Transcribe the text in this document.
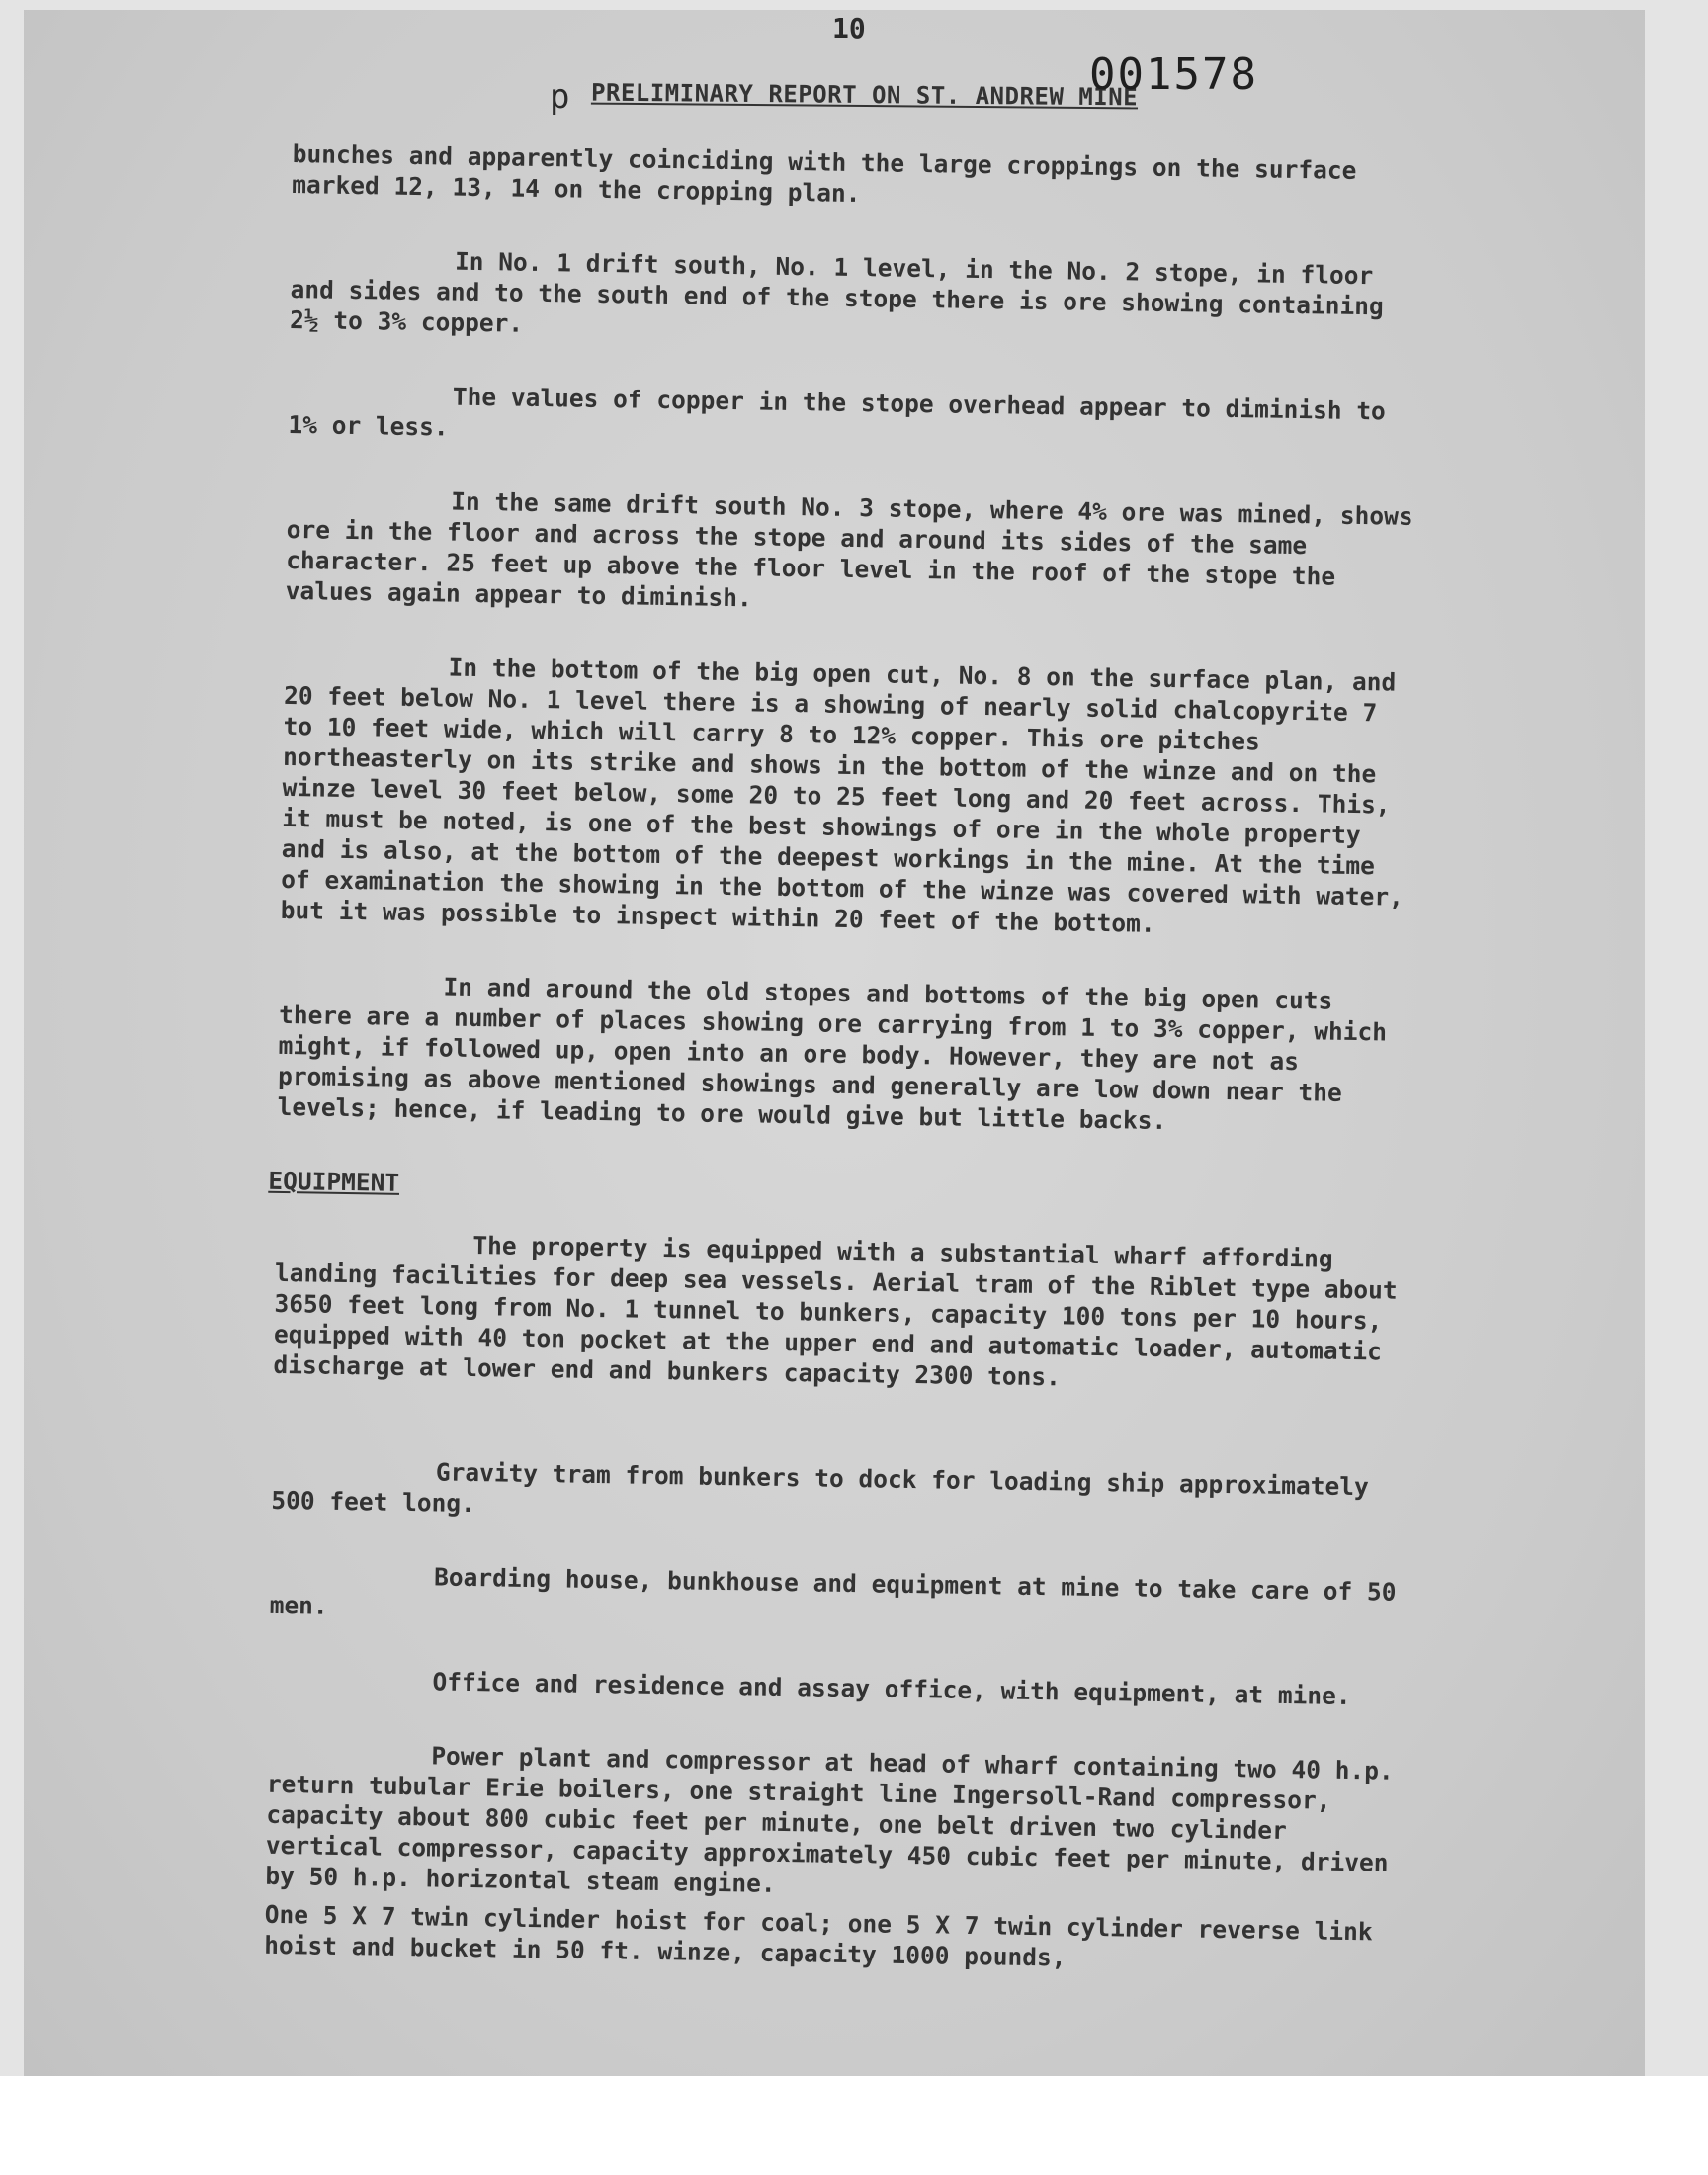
10
p PRELIMINARY REPORT ON ST. ANDREW MINE
001578

bunches and apparently coinciding with the large croppings on the surface marked 12, 13, 14 on the cropping plan.

In No. 1 drift south, No. 1 level, in the No. 2 stope, in floor and sides and to the south end of the stope there is ore showing containing 2½ to 3% copper.

The values of copper in the stope overhead appear to diminish to 1% or less.

In the same drift south No. 3 stope, where 4% ore was mined, shows ore in the floor and across the stope and around its sides of the same character. 25 feet up above the floor level in the roof of the stope the values again appear to diminish.

In the bottom of the big open cut, No. 8 on the surface plan, and 20 feet below No. 1 level there is a showing of nearly solid chalcopyrite 7 to 10 feet wide, which will carry 8 to 12% copper. This ore pitches northeasterly on its strike and shows in the bottom of the winze and on the winze level 30 feet below, some 20 to 25 feet long and 20 feet across. This, it must be noted, is one of the best showings of ore in the whole property and is also, at the bottom of the deepest workings in the mine. At the time of examination the showing in the bottom of the winze was covered with water, but it was possible to inspect within 20 feet of the bottom.

In and around the old stopes and bottoms of the big open cuts there are a number of places showing ore carrying from 1 to 3% copper, which might, if followed up, open into an ore body. However, they are not as promising as above mentioned showings and generally are low down near the levels; hence, if leading to ore would give but little backs.

EQUIPMENT

The property is equipped with a substantial wharf affording landing facilities for deep sea vessels. Aerial tram of the Riblet type about 3650 feet long from No. 1 tunnel to bunkers, capacity 100 tons per 10 hours, equipped with 40 ton pocket at the upper end and automatic loader, automatic discharge at lower end and bunkers capacity 2300 tons.

Gravity tram from bunkers to dock for loading ship approximately 500 feet long.

Boarding house, bunkhouse and equipment at mine to take care of 50 men.

Office and residence and assay office, with equipment, at mine.

Power plant and compressor at head of wharf containing two 40 h.p. return tubular Erie boilers, one straight line Ingersoll-Rand compressor, capacity about 800 cubic feet per minute, one belt driven two cylinder vertical compressor, capacity approximately 450 cubic feet per minute, driven by 50 h.p. horizontal steam engine.

One 5 X 7 twin cylinder hoist for coal; one 5 X 7 twin cylinder reverse link hoist and bucket in 50 ft. winze, capacity 1000 pounds,
